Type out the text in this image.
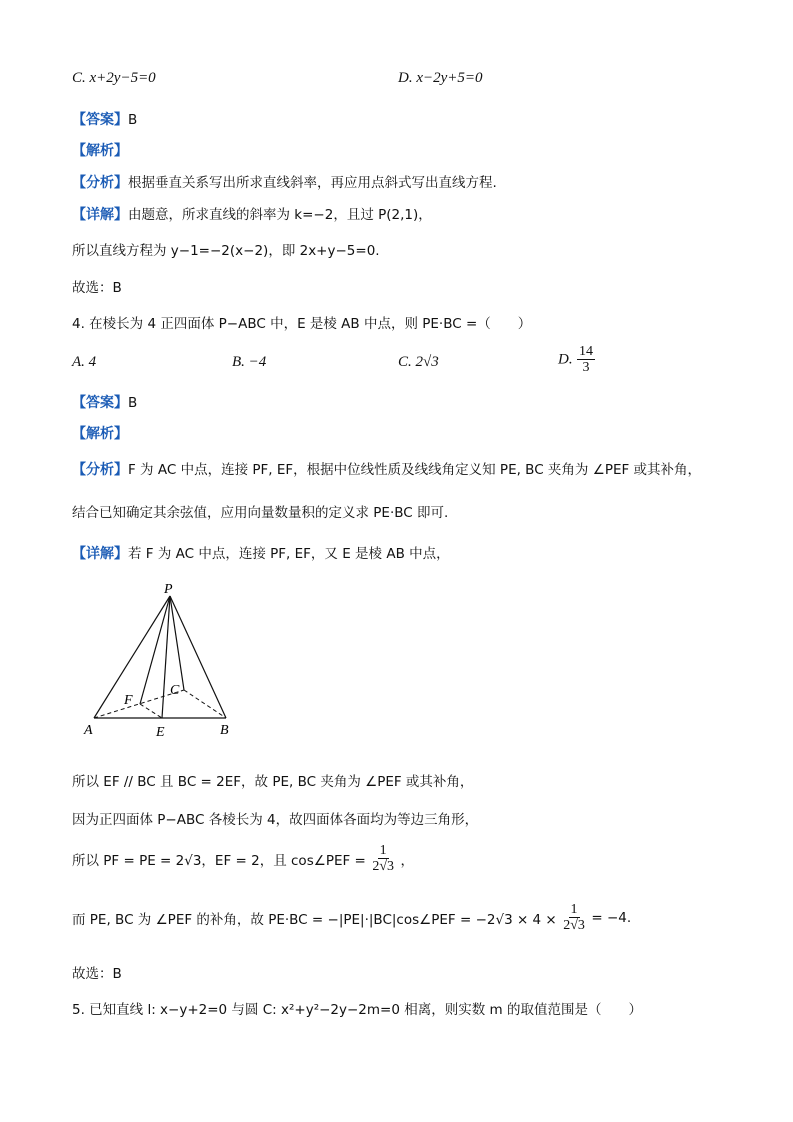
C. x+2y−5=0	D. x−2y+5=0
【答案】B
【解析】
【分析】根据垂直关系写出所求直线斜率，再应用点斜式写出直线方程.
【详解】由题意，所求直线的斜率为 k=−2，且过 P(2,1)，
所以直线方程为 y−1=−2(x−2)，即 2x+y−5=0.
故选：B
4. 在棱长为 4 正四面体 P−ABC 中，E 是棱 AB 中点，则 PE·BC =（　　）
A. 4	B. −4	C. 2√3	D. $\frac{14}{3}$
【答案】B
【解析】
【分析】F 为 AC 中点，连接 PF, EF，根据中位线性质及线线角定义知 PE, BC 夹角为 ∠PEF 或其补角，
结合已知确定其余弦值，应用向量数量积的定义求 PE·BC 即可.
【详解】若 F 为 AC 中点，连接 PF, EF，又 E 是棱 AB 中点，
P
A	E	B
C
F
所以 EF // BC 且 BC = 2EF，故 PE, BC 夹角为 ∠PEF 或其补角，
因为正四面体 P−ABC 各棱长为 4，故四面体各面均为等边三角形，
所以 PF = PE = 2√3，EF = 2，且 cos∠PEF = $\frac{1}{2√3}$ ，
而 PE, BC 为 ∠PEF 的补角，故 PE·BC = −|PE|·|BC|cos∠PEF = $-2√3 \times 4 \times \frac{1}{2√3} = -4$.
故选：B
5. 已知直线 l: x−y+2=0 与圆 C: x²+y²−2y−2m=0 相离，则实数 m 的取值范围是（　　）
